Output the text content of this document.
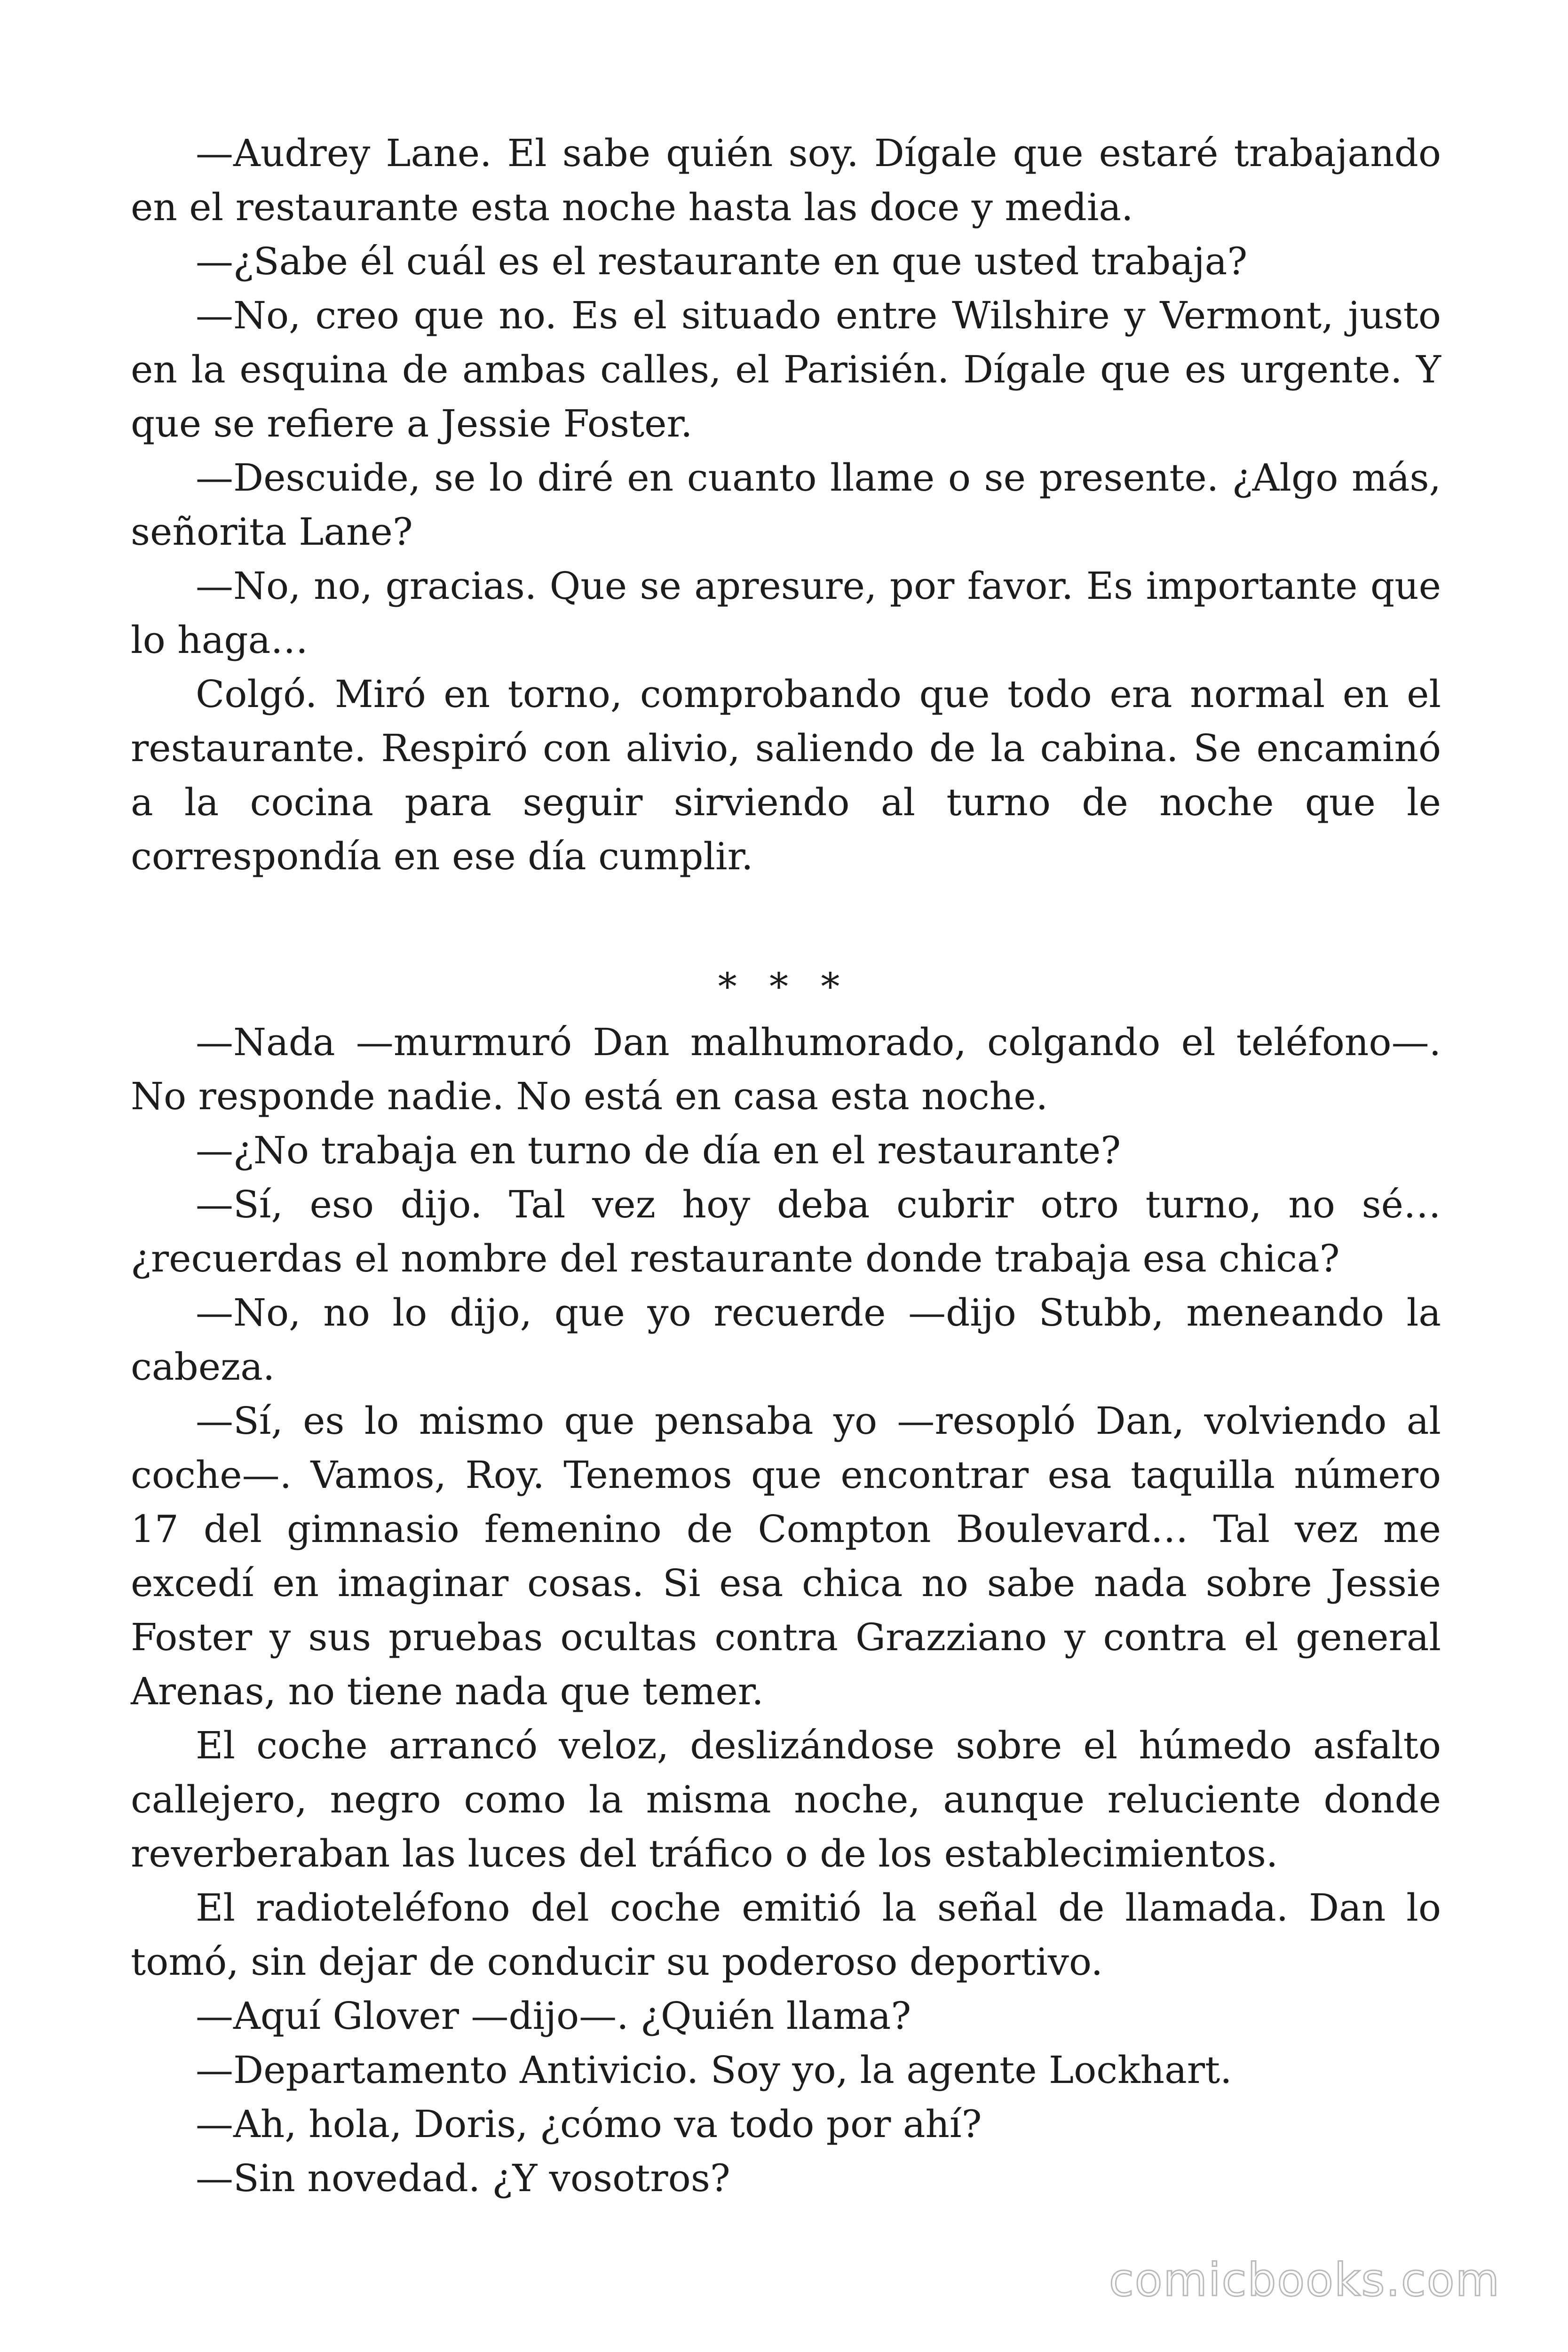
—Audrey Lane. El sabe quién soy. Dígale que estaré trabajando en el restaurante esta noche hasta las doce y media.

—¿Sabe él cuál es el restaurante en que usted trabaja?

—No, creo que no. Es el situado entre Wilshire y Vermont, justo en la esquina de ambas calles, el Parisién. Dígale que es urgente. Y que se refiere a Jessie Foster.

—Descuide, se lo diré en cuanto llame o se presente. ¿Algo más, señorita Lane?

—No, no, gracias. Que se apresure, por favor. Es importante que lo haga…

Colgó. Miró en torno, comprobando que todo era normal en el restaurante. Respiró con alivio, saliendo de la cabina. Se encaminó a la cocina para seguir sirviendo al turno de noche que le correspondía en ese día cumplir.

* * *

—Nada —murmuró Dan malhumorado, colgando el teléfono—. No responde nadie. No está en casa esta noche.

—¿No trabaja en turno de día en el restaurante?

—Sí, eso dijo. Tal vez hoy deba cubrir otro turno, no sé… ¿recuerdas el nombre del restaurante donde trabaja esa chica?

—No, no lo dijo, que yo recuerde —dijo Stubb, meneando la cabeza.

—Sí, es lo mismo que pensaba yo —resopló Dan, volviendo al coche—. Vamos, Roy. Tenemos que encontrar esa taquilla número 17 del gimnasio femenino de Compton Boulevard… Tal vez me excedí en imaginar cosas. Si esa chica no sabe nada sobre Jessie Foster y sus pruebas ocultas contra Grazziano y contra el general Arenas, no tiene nada que temer.

El coche arrancó veloz, deslizándose sobre el húmedo asfalto callejero, negro como la misma noche, aunque reluciente donde reverberaban las luces del tráfico o de los establecimientos.

El radioteléfono del coche emitió la señal de llamada. Dan lo tomó, sin dejar de conducir su poderoso deportivo.

—Aquí Glover —dijo—. ¿Quién llama?

—Departamento Antivicio. Soy yo, la agente Lockhart.

—Ah, hola, Doris, ¿cómo va todo por ahí?

—Sin novedad. ¿Y vosotros?

comicbooks.com
